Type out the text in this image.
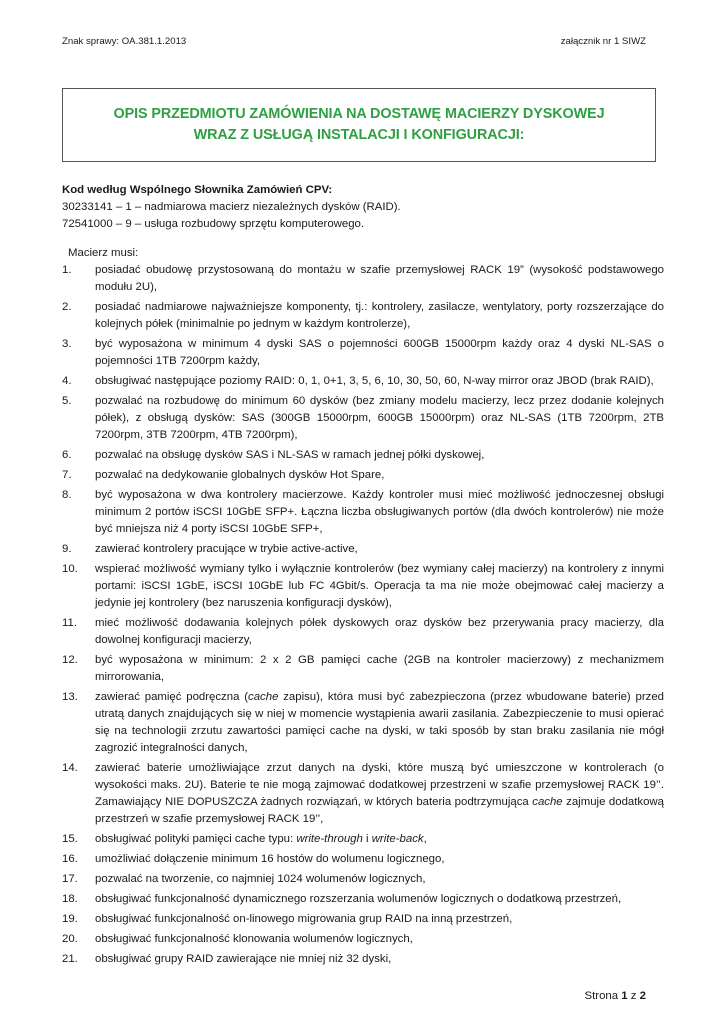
Znak sprawy: OA.381.1.2013	załącznik nr 1 SIWZ
OPIS PRZEDMIOTU ZAMÓWIENIA NA DOSTAWĘ MACIERZY DYSKOWEJ
WRAZ Z USŁUGĄ INSTALACJI I KONFIGURACJI:
Kod według Wspólnego Słownika Zamówień CPV:
30233141 – 1 – nadmiarowa macierz niezależnych dysków (RAID).
72541000 – 9 – usługa rozbudowy sprzętu komputerowego.
Macierz musi:
1.	posiadać obudowę przystosowaną do montażu w szafie przemysłowej RACK 19” (wysokość podstawowego modułu 2U),
2.	posiadać nadmiarowe najważniejsze komponenty, tj.: kontrolery, zasilacze, wentylatory, porty rozszerzające do kolejnych półek (minimalnie po jednym w każdym kontrolerze),
3.	być wyposażona w minimum 4 dyski SAS o pojemności 600GB 15000rpm każdy oraz 4 dyski NL-SAS o pojemności 1TB 7200rpm każdy,
4.	obsługiwać następujące poziomy RAID: 0, 1, 0+1, 3, 5, 6, 10, 30, 50, 60, N-way mirror oraz JBOD (brak RAID),
5.	pozwalać na rozbudowę do minimum 60 dysków (bez zmiany modelu macierzy, lecz przez dodanie kolejnych półek), z obsługą dysków: SAS (300GB 15000rpm, 600GB 15000rpm) oraz NL-SAS (1TB 7200rpm, 2TB 7200rpm, 3TB 7200rpm, 4TB 7200rpm),
6.	pozwalać na obsługę dysków SAS i NL-SAS w ramach jednej półki dyskowej,
7.	pozwalać na dedykowanie globalnych dysków Hot Spare,
8.	być wyposażona w dwa kontrolery macierzowe. Każdy kontroler musi mieć możliwość jednoczesnej obsługi minimum 2 portów iSCSI 10GbE SFP+. Łączna liczba obsługiwanych portów (dla dwóch kontrolerów) nie może być mniejsza niż 4 porty iSCSI 10GbE SFP+,
9.	zawierać kontrolery pracujące w trybie active-active,
10.	wspierać możliwość wymiany tylko i wyłącznie kontrolerów (bez wymiany całej macierzy) na kontrolery z innymi portami: iSCSI 1GbE, iSCSI 10GbE lub FC 4Gbit/s. Operacja ta ma nie może obejmować całej macierzy a jedynie jej kontrolery (bez naruszenia konfiguracji dysków),
11.	mieć możliwość dodawania kolejnych półek dyskowych oraz dysków bez przerywania pracy macierzy, dla dowolnej konfiguracji macierzy,
12.	być wyposażona w minimum: 2 x 2 GB pamięci cache (2GB na kontroler macierzowy) z mechanizmem mirrorowania,
13.	zawierać pamięć podręczna (cache zapisu), która musi być zabezpieczona (przez wbudowane baterie) przed utratą danych znajdujących się w niej w momencie wystąpienia awarii zasilania. Zabezpieczenie to musi opierać się na technologii zrzutu zawartości pamięci cache na dyski, w taki sposób by stan braku zasilania nie mógł zagrozić integralności danych,
14.	zawierać baterie umożliwiające zrzut danych na dyski, które muszą być umieszczone w kontrolerach (o wysokości maks. 2U). Baterie te nie mogą zajmować dodatkowej przestrzeni w szafie przemysłowej RACK 19’’. Zamawiający NIE DOPUSZCZA żadnych rozwiązań, w których bateria podtrzymująca cache zajmuje dodatkową przestrzeń w szafie przemysłowej RACK 19’’,
15.	obsługiwać polityki pamięci cache typu: write-through i write-back,
16.	umożliwiać dołączenie minimum 16 hostów do wolumenu logicznego,
17.	pozwalać na tworzenie, co najmniej 1024 wolumenów logicznych,
18.	obsługiwać funkcjonalność dynamicznego rozszerzania wolumenów logicznych o dodatkową przestrzeń,
19.	obsługiwać funkcjonalność on-linowego migrowania grup RAID na inną przestrzeń,
20.	obsługiwać funkcjonalność klonowania wolumenów logicznych,
21.	obsługiwać grupy RAID zawierające nie mniej niż 32 dyski,
Strona 1 z 2
